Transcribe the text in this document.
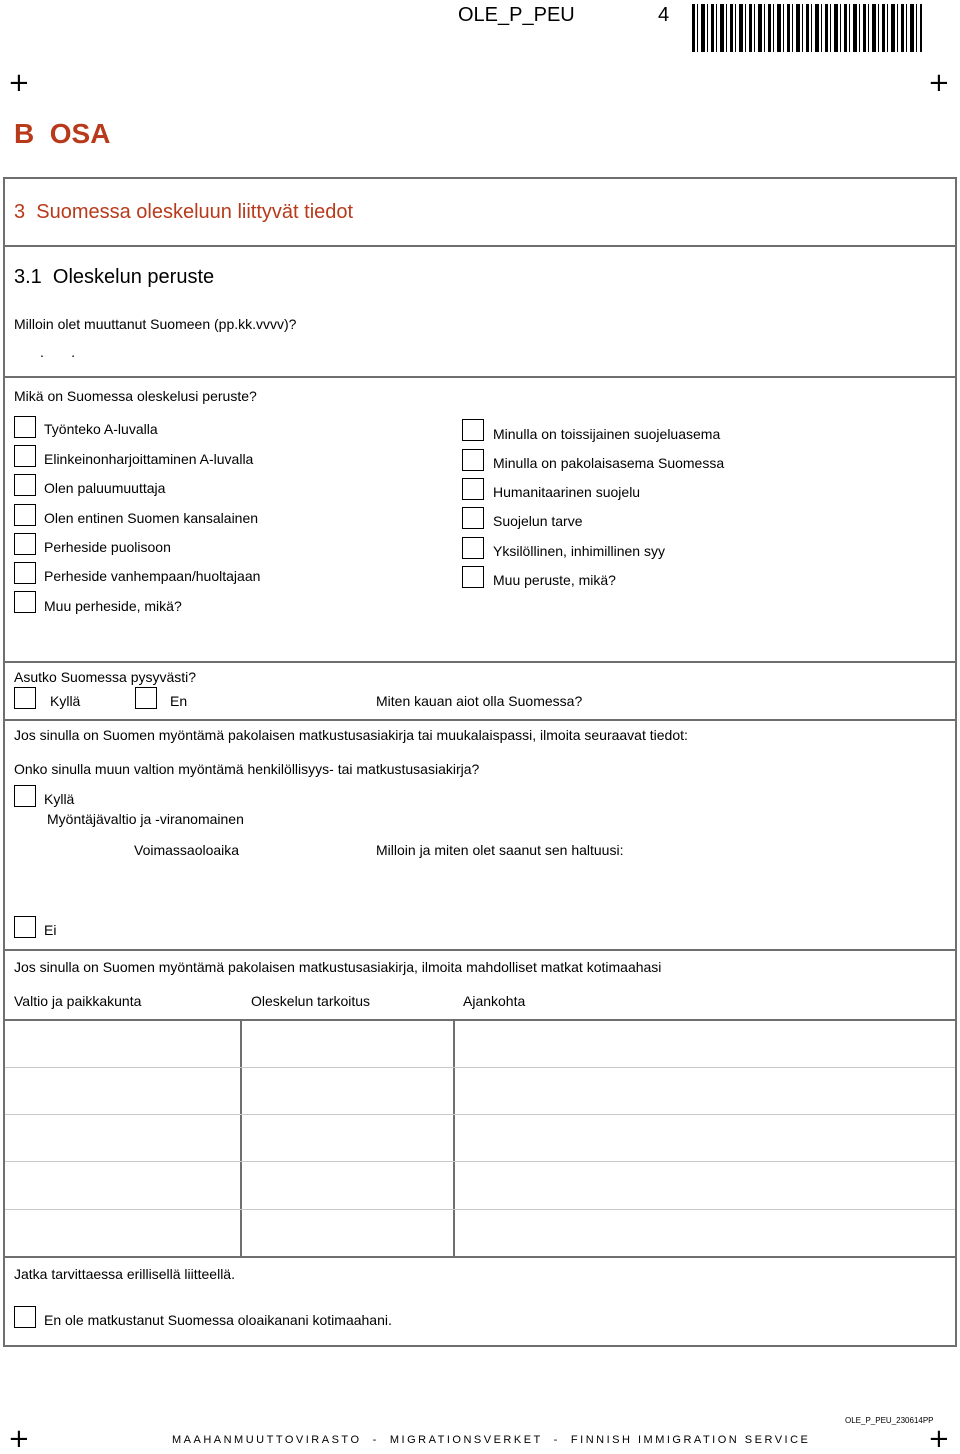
OLE_P_PEU	4
+	+
B  OSA
3  Suomessa oleskeluun liittyvät tiedot
3.1  Oleskelun peruste
Milloin olet muuttanut Suomeen (pp.kk.vvvv)?
.       .
Mikä on Suomessa oleskelusi peruste?
Työnteko A-luvalla
Elinkeinonharjoittaminen A-luvalla
Olen paluumuuttaja
Olen entinen Suomen kansalainen
Perheside puolisoon
Perheside vanhempaan/huoltajaan
Muu perheside, mikä?
Minulla on toissijainen suojeluasema
Minulla on pakolaisasema Suomessa
Humanitaarinen suojelu
Suojelun tarve
Yksilöllinen, inhimillinen syy
Muu peruste, mikä?
Asutko Suomessa pysyvästi?
Kyllä	En	Miten kauan aiot olla Suomessa?
Jos sinulla on Suomen myöntämä pakolaisen matkustusasiakirja tai muukalaispassi, ilmoita seuraavat tiedot:
Onko sinulla muun valtion myöntämä henkilöllisyys- tai matkustusasiakirja?
Kyllä
Myöntäjävaltio ja -viranomainen
Voimassaoloaika	Milloin ja miten olet saanut sen haltuusi:
Ei
Jos sinulla on Suomen myöntämä pakolaisen matkustusasiakirja, ilmoita mahdolliset matkat kotimaahasi
Valtio ja paikkakunta	Oleskelun tarkoitus	Ajankohta
Jatka tarvittaessa erillisellä liitteellä.
En ole matkustanut Suomessa oloaikanani kotimaahani.
OLE_P_PEU_230614PP
+	MAAHANMUUTTOVIRASTO  -  MIGRATIONSVERKET  -  FINNISH IMMIGRATION SERVICE	+
